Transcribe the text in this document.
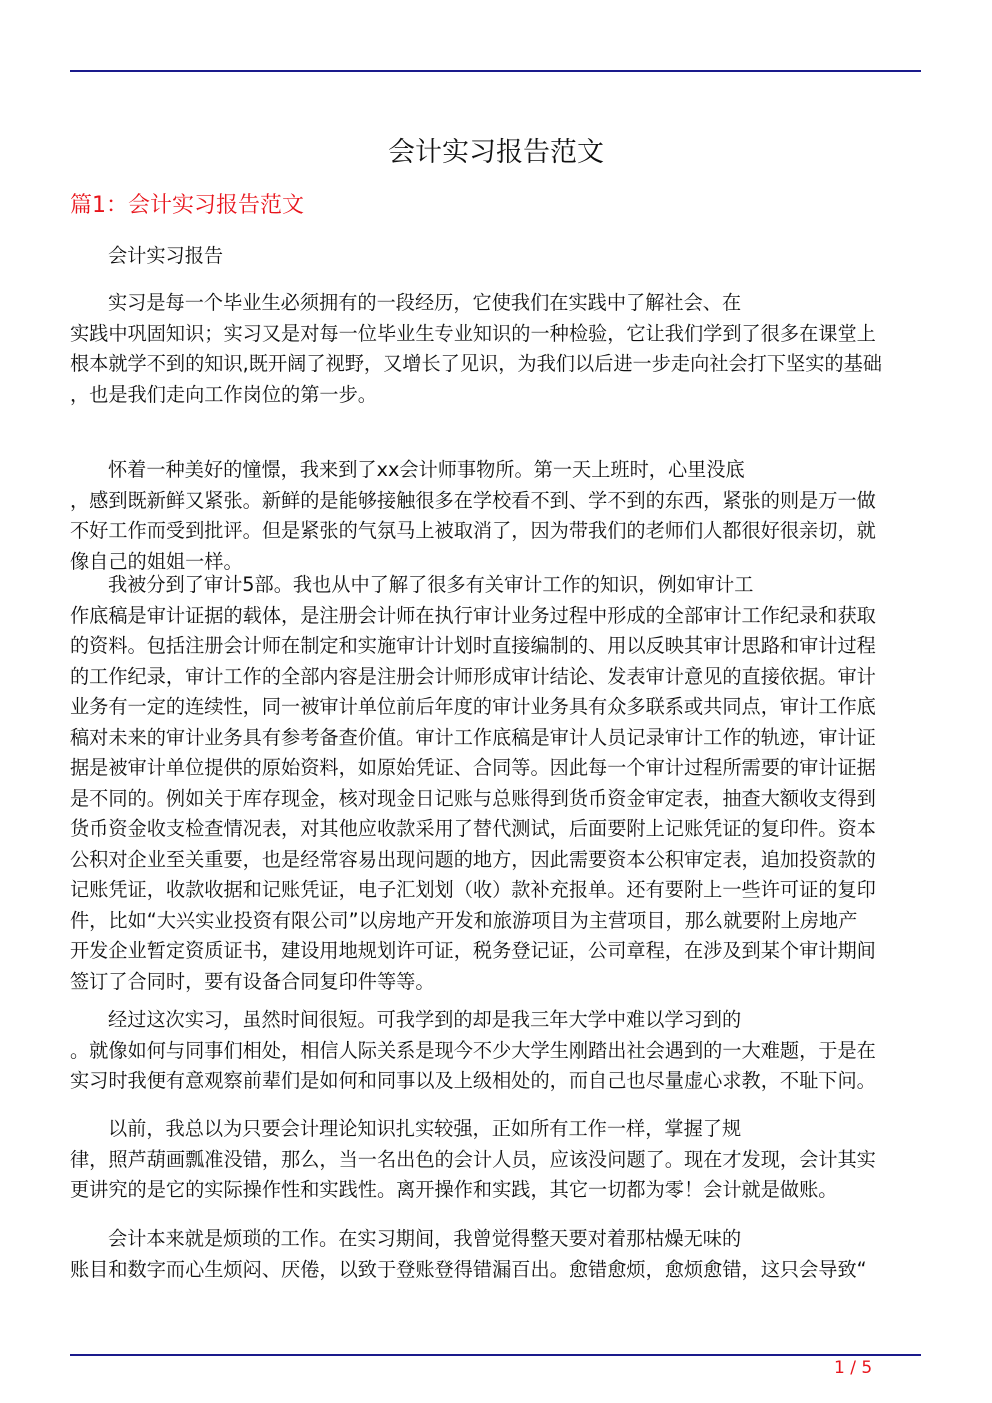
会计实习报告范文
篇1：会计实习报告范文
会计实习报告
实习是每一个毕业生必须拥有的一段经历，它使我们在实践中了解社会、在
实践中巩固知识；实习又是对每一位毕业生专业知识的一种检验，它让我们学到了很多在课堂上
根本就学不到的知识,既开阔了视野，又增长了见识，为我们以后进一步走向社会打下坚实的基础
，也是我们走向工作岗位的第一步。
怀着一种美好的憧憬，我来到了xx会计师事物所。第一天上班时，心里没底
，感到既新鲜又紧张。新鲜的是能够接触很多在学校看不到、学不到的东西，紧张的则是万一做
不好工作而受到批评。但是紧张的气氛马上被取消了，因为带我们的老师们人都很好很亲切，就
像自己的姐姐一样。
我被分到了审计5部。我也从中了解了很多有关审计工作的知识，例如审计工
作底稿是审计证据的载体，是注册会计师在执行审计业务过程中形成的全部审计工作纪录和获取
的资料。包括注册会计师在制定和实施审计计划时直接编制的、用以反映其审计思路和审计过程
的工作纪录，审计工作的全部内容是注册会计师形成审计结论、发表审计意见的直接依据。审计
业务有一定的连续性，同一被审计单位前后年度的审计业务具有众多联系或共同点，审计工作底
稿对未来的审计业务具有参考备查价值。审计工作底稿是审计人员记录审计工作的轨迹，审计证
据是被审计单位提供的原始资料，如原始凭证、合同等。因此每一个审计过程所需要的审计证据
是不同的。例如关于库存现金，核对现金日记账与总账得到货币资金审定表，抽查大额收支得到
货币资金收支检查情况表，对其他应收款采用了替代测试，后面要附上记账凭证的复印件。资本
公积对企业至关重要，也是经常容易出现问题的地方，因此需要资本公积审定表，追加投资款的
记账凭证，收款收据和记账凭证，电子汇划划（收）款补充报单。还有要附上一些许可证的复印
件，比如“大兴实业投资有限公司”以房地产开发和旅游项目为主营项目，那么就要附上房地产
开发企业暂定资质证书，建设用地规划许可证，税务登记证，公司章程，在涉及到某个审计期间
签订了合同时，要有设备合同复印件等等。
经过这次实习，虽然时间很短。可我学到的却是我三年大学中难以学习到的
。就像如何与同事们相处，相信人际关系是现今不少大学生刚踏出社会遇到的一大难题，于是在
实习时我便有意观察前辈们是如何和同事以及上级相处的，而自己也尽量虚心求教，不耻下问。
以前，我总以为只要会计理论知识扎实较强，正如所有工作一样，掌握了规
律，照芦葫画瓢准没错，那么，当一名出色的会计人员，应该没问题了。现在才发现，会计其实
更讲究的是它的实际操作性和实践性。离开操作和实践，其它一切都为零！会计就是做账。
会计本来就是烦琐的工作。在实习期间，我曾觉得整天要对着那枯燥无味的
账目和数字而心生烦闷、厌倦，以致于登账登得错漏百出。愈错愈烦，愈烦愈错，这只会导致“
1 / 5
